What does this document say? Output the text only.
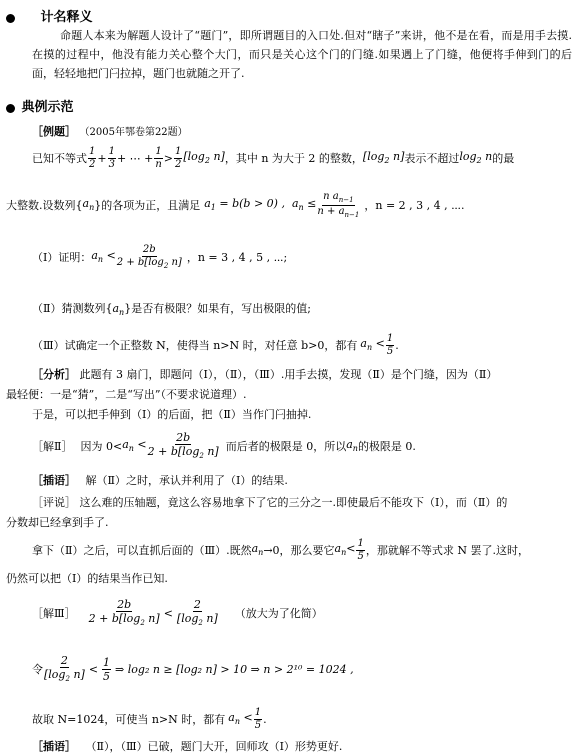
计名释义
命题人本来为解题人设计了“题门”，即所谓题目的入口处.但对“瞎子”来讲，他不是在看，而是用手去摸.在摸的过程中，他没有能力关心整个大门，而只是关心这个门的门缝.如果遇上了门缝，他便将手伸到门的后面，轻轻地把门闩拉掉，题门也就随之开了.
典例示范
［例题］ （2005年鄂卷第22题）
已知不等式 $\frac{1}{2} + \frac{1}{3}$ + ⋯ + $\frac{1}{n} > \frac{1}{2} [\log_2$ n] ，其中 n 为大于 2 的整数， [$\log_2$ n] 表示不超过 $\log_2 n$ 的最
大整数.设数列{ $a_n$ }的各项为正，且满足 $a_1 = b(b > 0)$ ,  $a_n \le \frac{n a_{n-1}}{n + a_{n-1}}$ ，n = 2 , 3 , 4 , ⋯.
（Ⅰ）证明： $a_n < \frac{2b}{2 + b[\log_2 n]}$ ，n = 3 , 4 , 5 , ⋯;
（Ⅱ）猜测数列$\{a_n\}$是否有极限？如果有，写出极限的值;
（Ⅲ）试确定一个正整数 N，使得当 n>N 时，对任意 b>0，都有 $a_n < \frac{1}{5}$ .
［分析］ 此题有 3 扇门，即题问（Ⅰ），（Ⅱ），（Ⅲ）.用手去摸，发现（Ⅱ）是个门缝，因为（Ⅱ）
最轻便：一是“猜”，二是“写出”（不要求说道理）.
于是，可以把手伸到（Ⅰ）的后面，把（Ⅱ）当作门闩抽掉.
［解Ⅱ］ 因为 $0< a_n < \frac{2b}{2 + b[\log_2 n]}$ 而后者的极限是 0，所以 $a_n$ 的极限是 0.
［插语］ 解（Ⅱ）之时，承认并利用了（Ⅰ）的结果.
［评说］ 这么难的压轴题，竟这么容易地拿下了它的三分之一.即使最后不能攻下（Ⅰ），而（Ⅱ）的
分数却已经拿到手了.
拿下（Ⅱ）之后，可以直抓后面的（Ⅲ）.既然 $a_n \to 0$，那么要它 $a_n< \frac{1}{5}$ ，那就解不等式求 N 罢了.这时，
仍然可以把（Ⅰ）的结果当作已知.
［解Ⅲ］ $\frac{2b}{2 + b[\log_2 n]} < \frac{2}{[\log_2 n]}$ （放大为了化简）
令 $\frac{2}{[\log_2 n]} < \frac{1}{5}$ ⇒ log₂ n ≥ [log₂ n] > 10 ⇒ n > 2¹⁰ = 1024 ,
故取 N=1024，可使当 n>N 时，都有 $a_n < \frac{1}{5}$ .
［插语］ （Ⅱ），（Ⅲ）已破，题门大开，回师攻（Ⅰ）形势更好.
